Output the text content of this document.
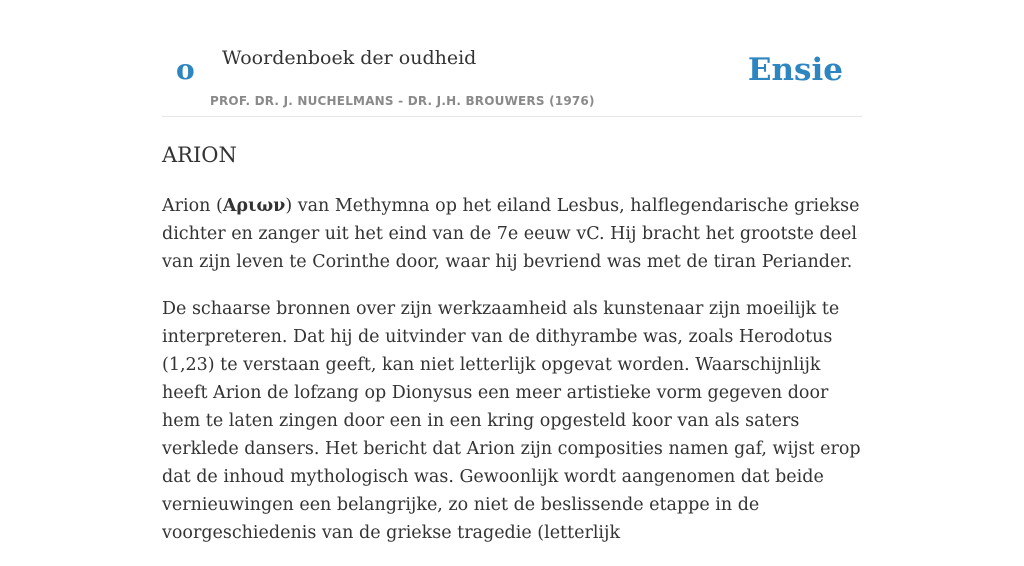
o Woordenboek der oudheid
PROF. DR. J. NUCHELMANS - DR. J.H. BROUWERS (1976)
Ensie
ARION

Arion (Αριων) van Methymna op het eiland Lesbus, halflegendarische griekse dichter en zanger uit het eind van de 7e eeuw vC. Hij bracht het grootste deel van zijn leven te Corinthe door, waar hij bevriend was met de tiran Periander.

De schaarse bronnen over zijn werkzaamheid als kunstenaar zijn moeilijk te interpreteren. Dat hij de uitvinder van de dithyrambe was, zoals Herodotus (1,23) te verstaan geeft, kan niet letterlijk opgevat worden. Waarschijnlijk heeft Arion de lofzang op Dionysus een meer artistieke vorm gegeven door hem te laten zingen door een in een kring opgesteld koor van als saters verklede dansers. Het bericht dat Arion zijn composities namen gaf, wijst erop dat de inhoud mythologisch was. Gewoonlijk wordt aangenomen dat beide vernieuwingen een belangrijke, zo niet de beslissende etappe in de voorgeschiedenis van de griekse tragedie (letterlijk
